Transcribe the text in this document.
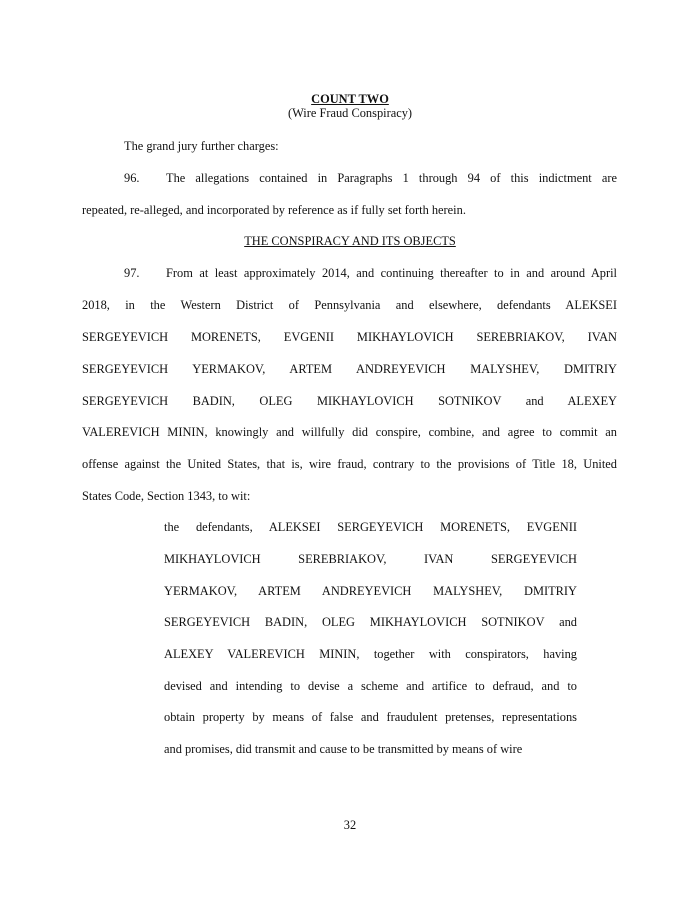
COUNT TWO
(Wire Fraud Conspiracy)
The grand jury further charges:
96. The allegations contained in Paragraphs 1 through 94 of this indictment are
repeated, re-alleged, and incorporated by reference as if fully set forth herein.
THE CONSPIRACY AND ITS OBJECTS
97. From at least approximately 2014, and continuing thereafter to in and around April
2018, in the Western District of Pennsylvania and elsewhere, defendants ALEKSEI
SERGEYEVICH MORENETS, EVGENII MIKHAYLOVICH SEREBRIAKOV, IVAN
SERGEYEVICH YERMAKOV, ARTEM ANDREYEVICH MALYSHEV, DMITRIY
SERGEYEVICH BADIN, OLEG MIKHAYLOVICH SOTNIKOV and ALEXEY
VALEREVICH MININ, knowingly and willfully did conspire, combine, and agree to commit an
offense against the United States, that is, wire fraud, contrary to the provisions of Title 18, United
States Code, Section 1343, to wit:
the defendants, ALEKSEI SERGEYEVICH MORENETS, EVGENII
MIKHAYLOVICH SEREBRIAKOV, IVAN SERGEYEVICH
YERMAKOV, ARTEM ANDREYEVICH MALYSHEV, DMITRIY
SERGEYEVICH BADIN, OLEG MIKHAYLOVICH SOTNIKOV and
ALEXEY VALEREVICH MININ, together with conspirators, having
devised and intending to devise a scheme and artifice to defraud, and to
obtain property by means of false and fraudulent pretenses, representations
and promises, did transmit and cause to be transmitted by means of wire
32
